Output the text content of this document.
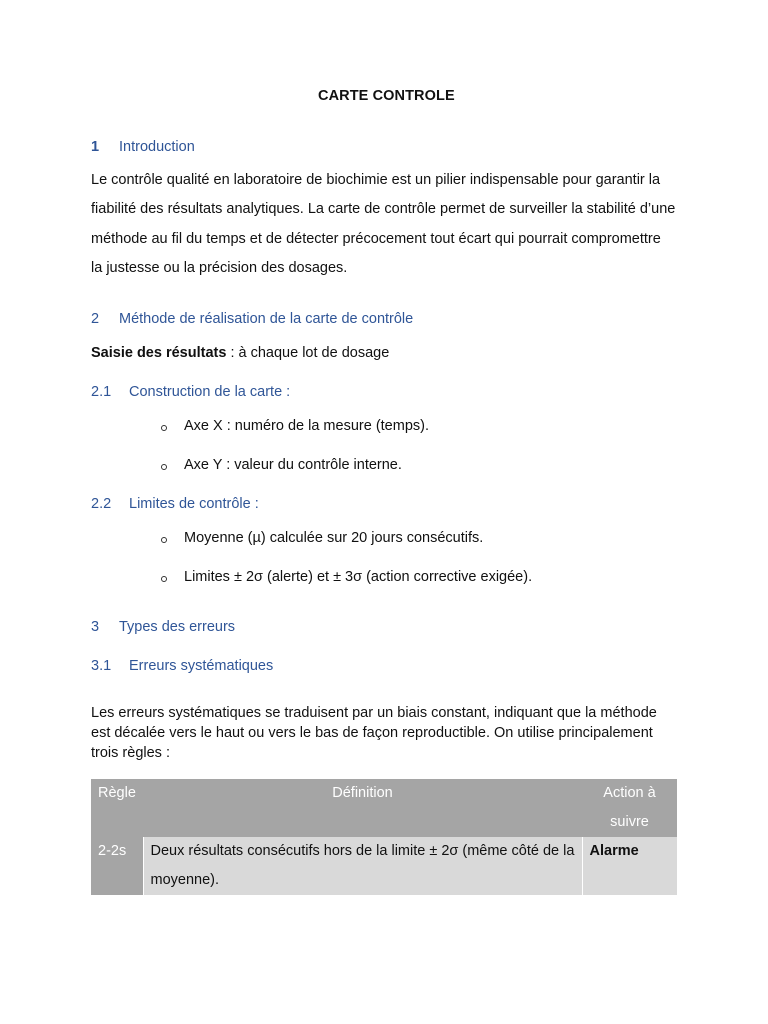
CARTE CONTROLE
1 Introduction
Le contrôle qualité en laboratoire de biochimie est un pilier indispensable pour garantir la fiabilité des résultats analytiques. La carte de contrôle permet de surveiller la stabilité d’une méthode au fil du temps et de détecter précocement tout écart qui pourrait compromettre la justesse ou la précision des dosages.
2 Méthode de réalisation de la carte de contrôle
Saisie des résultats : à chaque lot de dosage
2.1 Construction de la carte :
Axe X : numéro de la mesure (temps).
Axe Y : valeur du contrôle interne.
2.2 Limites de contrôle :
Moyenne (µ) calculée sur 20 jours consécutifs.
Limites ± 2σ (alerte) et ± 3σ (action corrective exigée).
3 Types des erreurs
3.1 Erreurs systématiques
Les erreurs systématiques se traduisent par un biais constant, indiquant que la méthode est décalée vers le haut ou vers le bas de façon reproductible. On utilise principalement trois règles :
Règle	Définition	Action à suivre
2-2s	Deux résultats consécutifs hors de la limite ± 2σ (même côté de la moyenne).	Alarme
